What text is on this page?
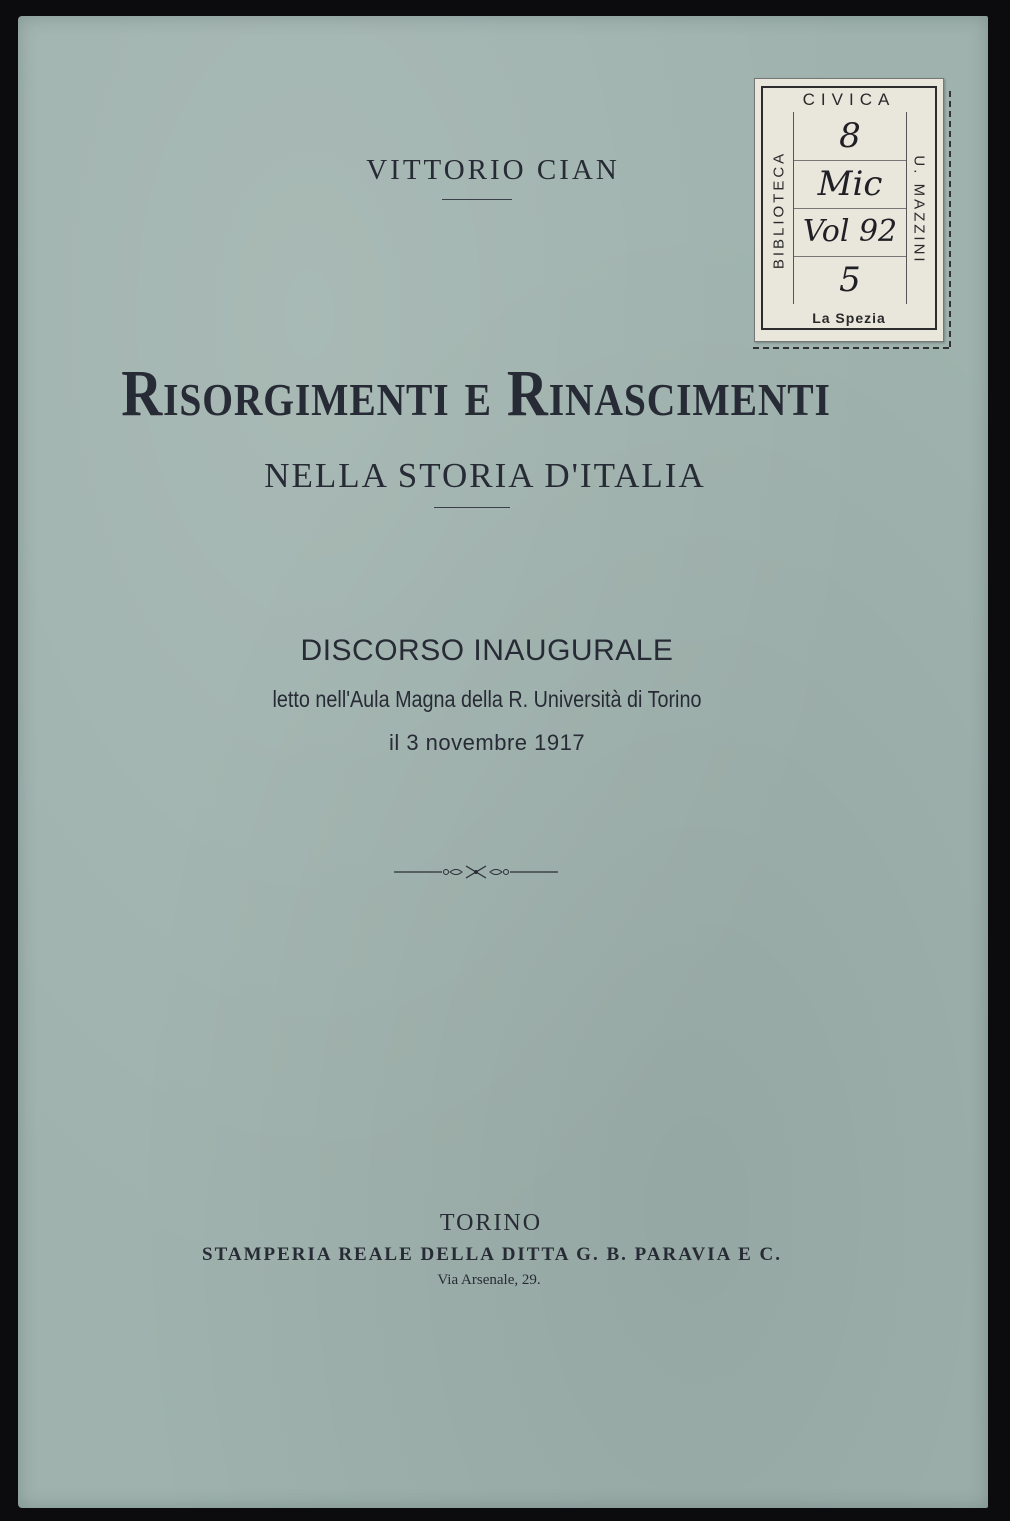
VITTORIO CIAN
Risorgimenti e Rinascimenti
NELLA STORIA D'ITALIA
DISCORSO INAUGURALE
letto nell'Aula Magna della R. Università di Torino
il 3 novembre 1917
TORINO
STAMPERIA REALE DELLA DITTA G. B. PARAVIA E C.
Via Arsenale, 29.
CIVICA
BIBLIOTECA	U. MAZZINI
8
Mic
Vol 92
5
La Spezia
